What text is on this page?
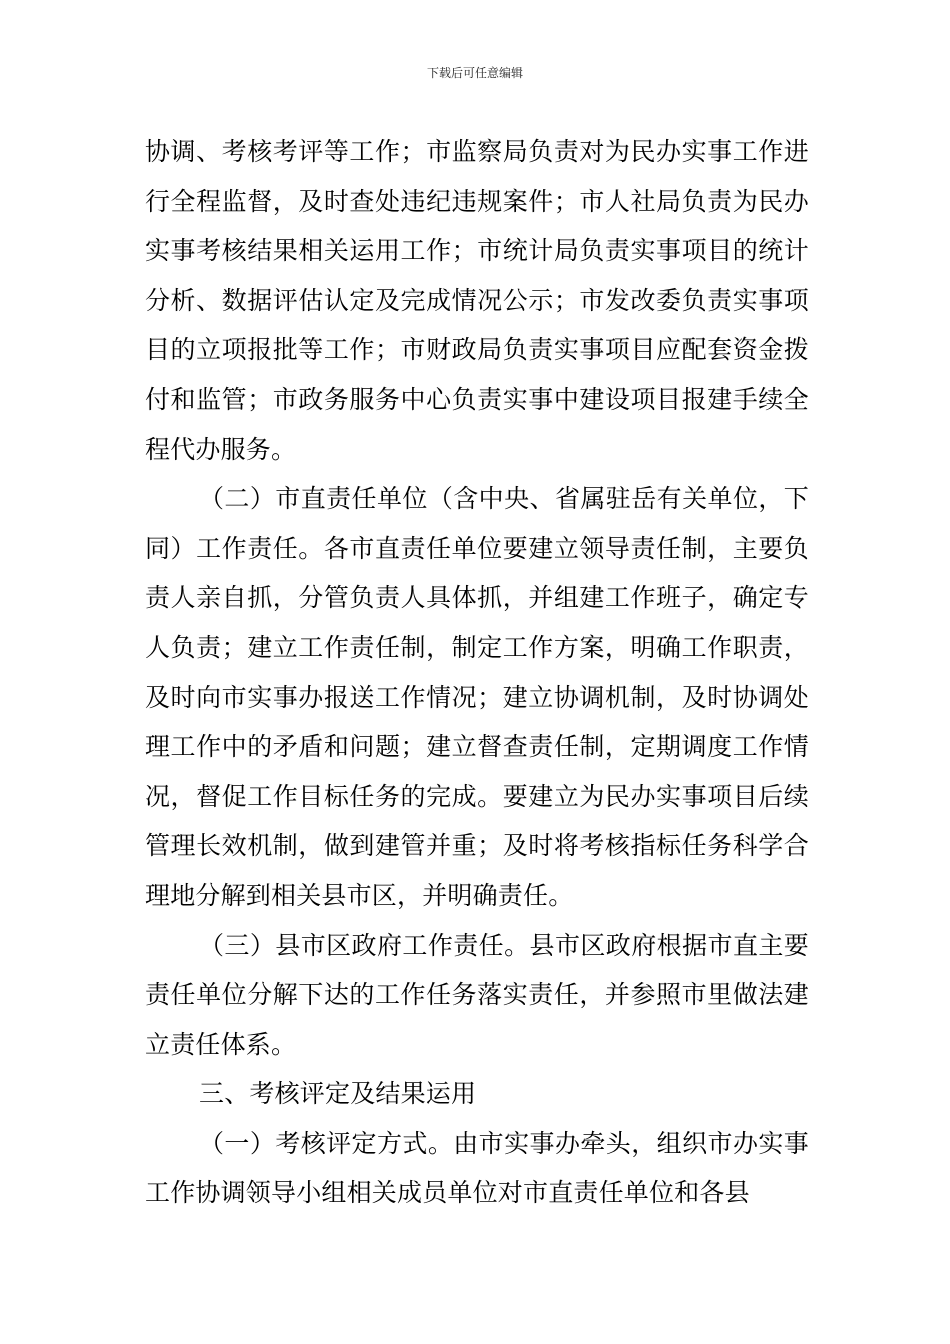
下载后可任意编辑

协调、考核考评等工作；市监察局负责对为民办实事工作进行全程监督，及时查处违纪违规案件；市人社局负责为民办实事考核结果相关运用工作；市统计局负责实事项目的统计分析、数据评估认定及完成情况公示；市发改委负责实事项目的立项报批等工作；市财政局负责实事项目应配套资金拨付和监管；市政务服务中心负责实事中建设项目报建手续全程代办服务。

（二）市直责任单位（含中央、省属驻岳有关单位，下同）工作责任。各市直责任单位要建立领导责任制，主要负责人亲自抓，分管负责人具体抓，并组建工作班子，确定专人负责；建立工作责任制，制定工作方案，明确工作职责，及时向市实事办报送工作情况；建立协调机制，及时协调处理工作中的矛盾和问题；建立督查责任制，定期调度工作情况，督促工作目标任务的完成。要建立为民办实事项目后续管理长效机制，做到建管并重；及时将考核指标任务科学合理地分解到相关县市区，并明确责任。

（三）县市区政府工作责任。县市区政府根据市直主要责任单位分解下达的工作任务落实责任，并参照市里做法建立责任体系。

三、考核评定及结果运用

（一）考核评定方式。由市实事办牵头，组织市办实事工作协调领导小组相关成员单位对市直责任单位和各县
